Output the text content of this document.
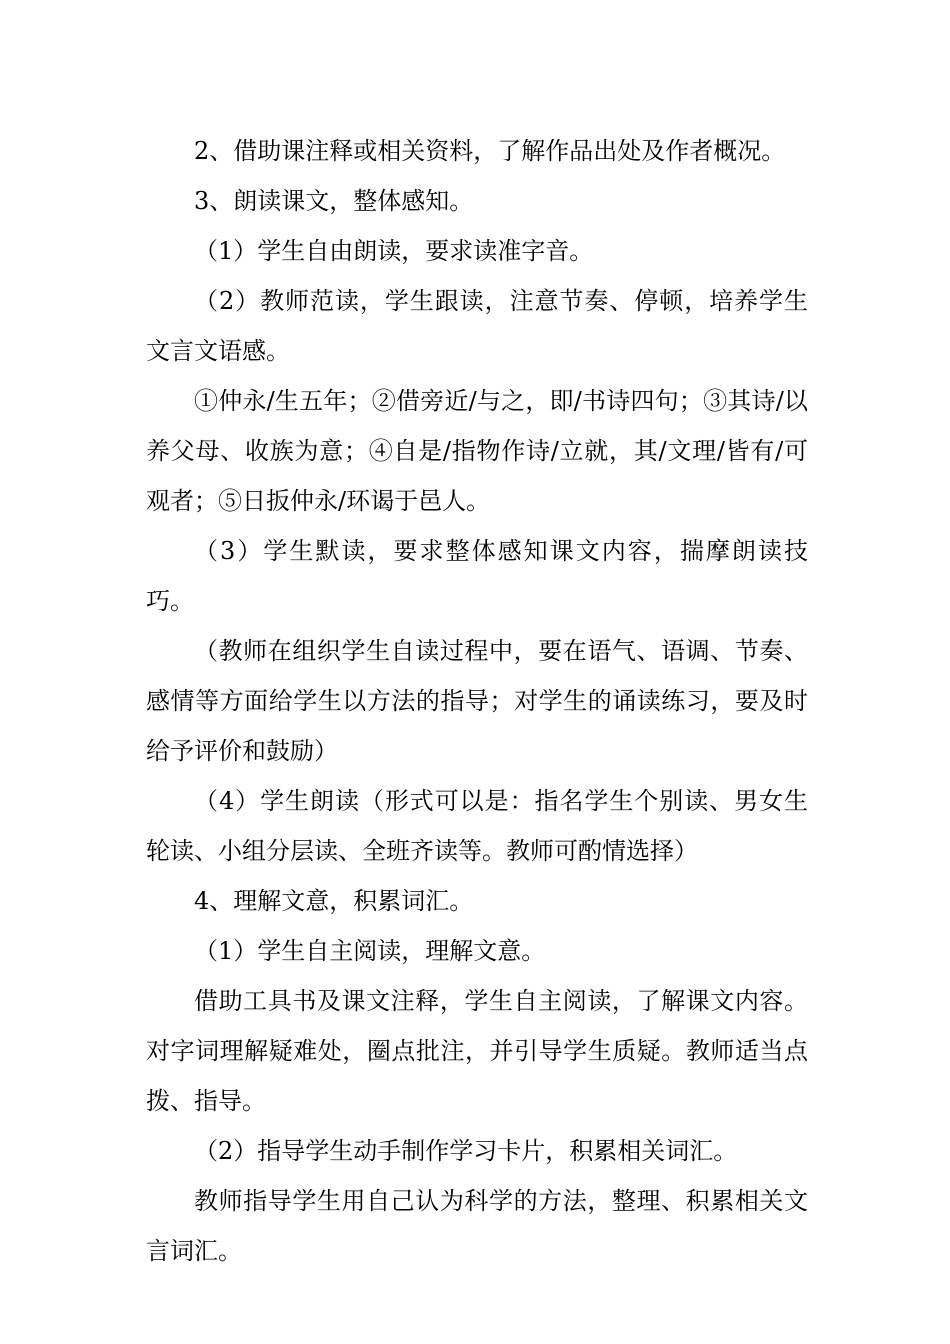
2、借助课注释或相关资料，了解作品出处及作者概况。

3、朗读课文，整体感知。

（1）学生自由朗读，要求读准字音。

（2）教师范读，学生跟读，注意节奏、停顿，培养学生文言文语感。

①仲永/生五年；②借旁近/与之，即/书诗四句；③其诗/以养父母、收族为意；④自是/指物作诗/立就，其/文理/皆有/可观者；⑤日扳仲永/环谒于邑人。

（3）学生默读，要求整体感知课文内容，揣摩朗读技巧。

（教师在组织学生自读过程中，要在语气、语调、节奏、感情等方面给学生以方法的指导；对学生的诵读练习，要及时给予评价和鼓励）

（4）学生朗读（形式可以是：指名学生个别读、男女生轮读、小组分层读、全班齐读等。教师可酌情选择）

4、理解文意，积累词汇。

（1）学生自主阅读，理解文意。

借助工具书及课文注释，学生自主阅读，了解课文内容。对字词理解疑难处，圈点批注，并引导学生质疑。教师适当点拨、指导。

（2）指导学生动手制作学习卡片，积累相关词汇。

教师指导学生用自己认为科学的方法，整理、积累相关文言词汇。
